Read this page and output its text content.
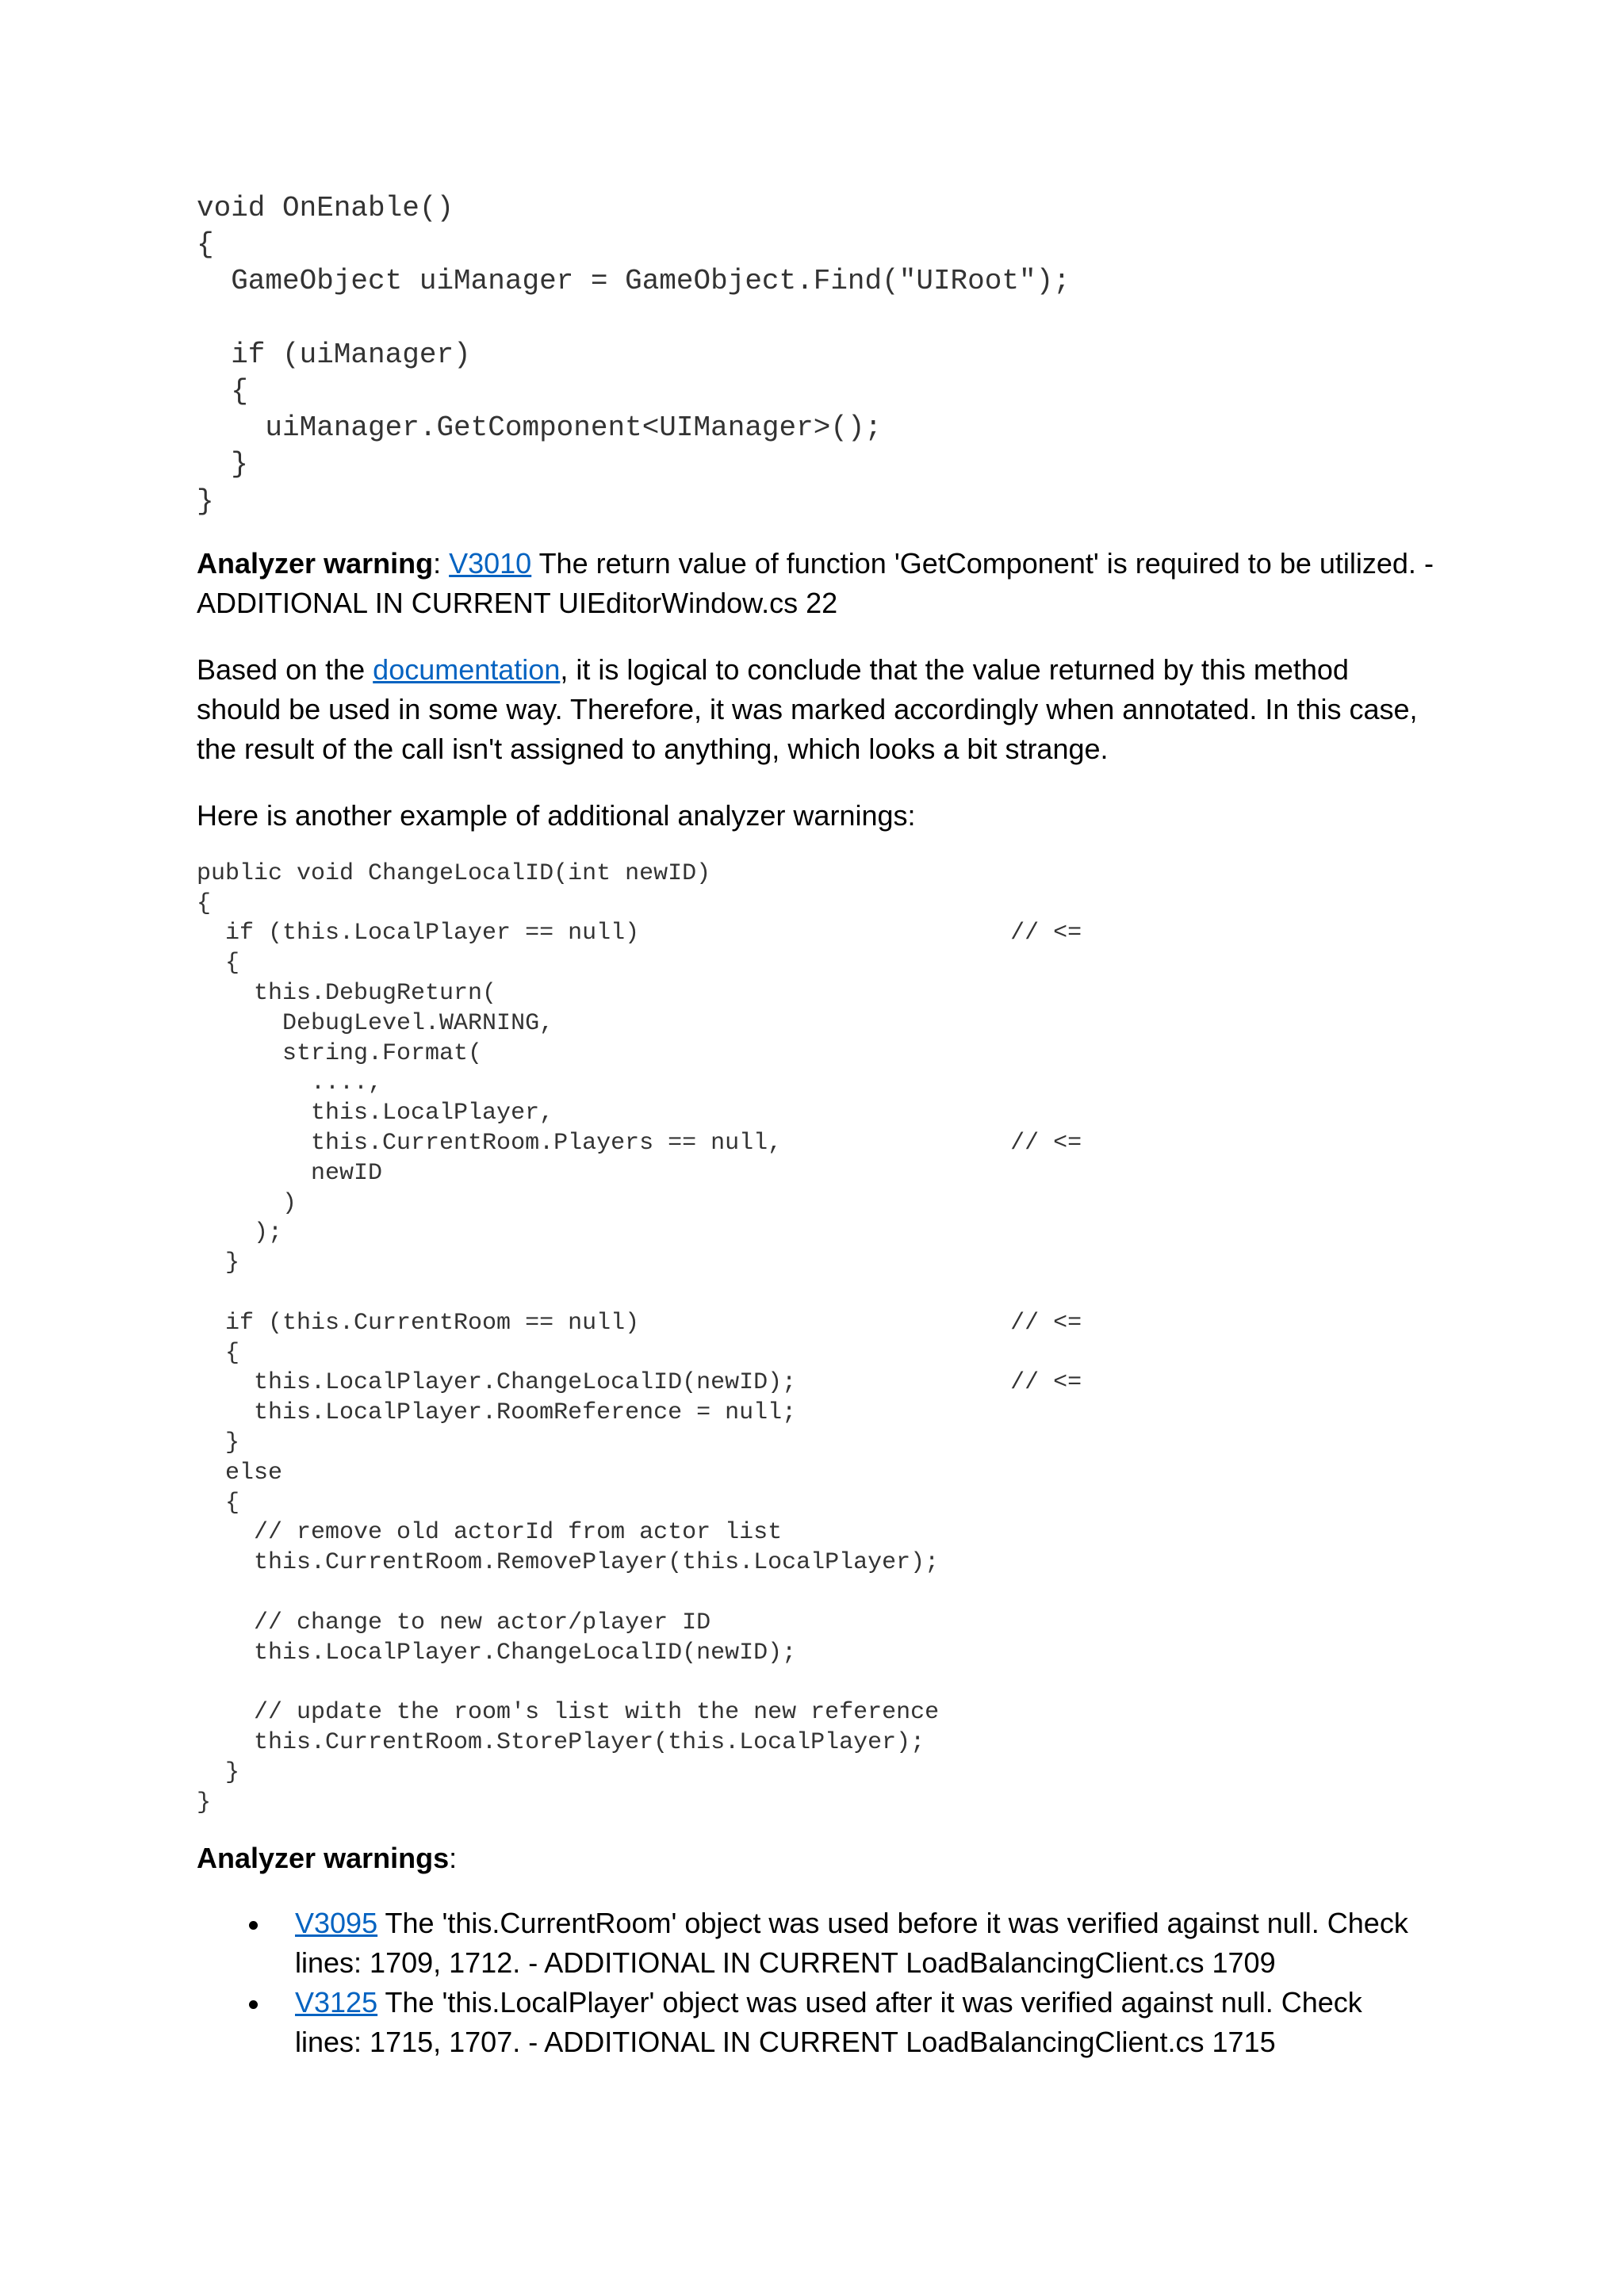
void OnEnable()
{
GameObject uiManager = GameObject.Find("UIRoot");

if (uiManager)
{
uiManager.GetComponent<UIManager>();
}
}

Analyzer warning: V3010 The return value of function 'GetComponent' is required to be utilized. - ADDITIONAL IN CURRENT UIEditorWindow.cs 22

Based on the documentation, it is logical to conclude that the value returned by this method should be used in some way. Therefore, it was marked accordingly when annotated. In this case, the result of the call isn't assigned to anything, which looks a bit strange.

Here is another example of additional analyzer warnings:

public void ChangeLocalID(int newID)
{
if (this.LocalPlayer == null)                          // <=
{
this.DebugReturn(
DebugLevel.WARNING,
string.Format(
....,
this.LocalPlayer,
this.CurrentRoom.Players == null,                // <=
newID
)
);
}

if (this.CurrentRoom == null)                          // <=
{
this.LocalPlayer.ChangeLocalID(newID);               // <=
this.LocalPlayer.RoomReference = null;
}
else
{
// remove old actorId from actor list
this.CurrentRoom.RemovePlayer(this.LocalPlayer);

// change to new actor/player ID
this.LocalPlayer.ChangeLocalID(newID);

// update the room's list with the new reference
this.CurrentRoom.StorePlayer(this.LocalPlayer);
}
}

Analyzer warnings:

V3095 The 'this.CurrentRoom' object was used before it was verified against null. Check lines: 1709, 1712. - ADDITIONAL IN CURRENT LoadBalancingClient.cs 1709
V3125 The 'this.LocalPlayer' object was used after it was verified against null. Check lines: 1715, 1707. - ADDITIONAL IN CURRENT LoadBalancingClient.cs 1715
